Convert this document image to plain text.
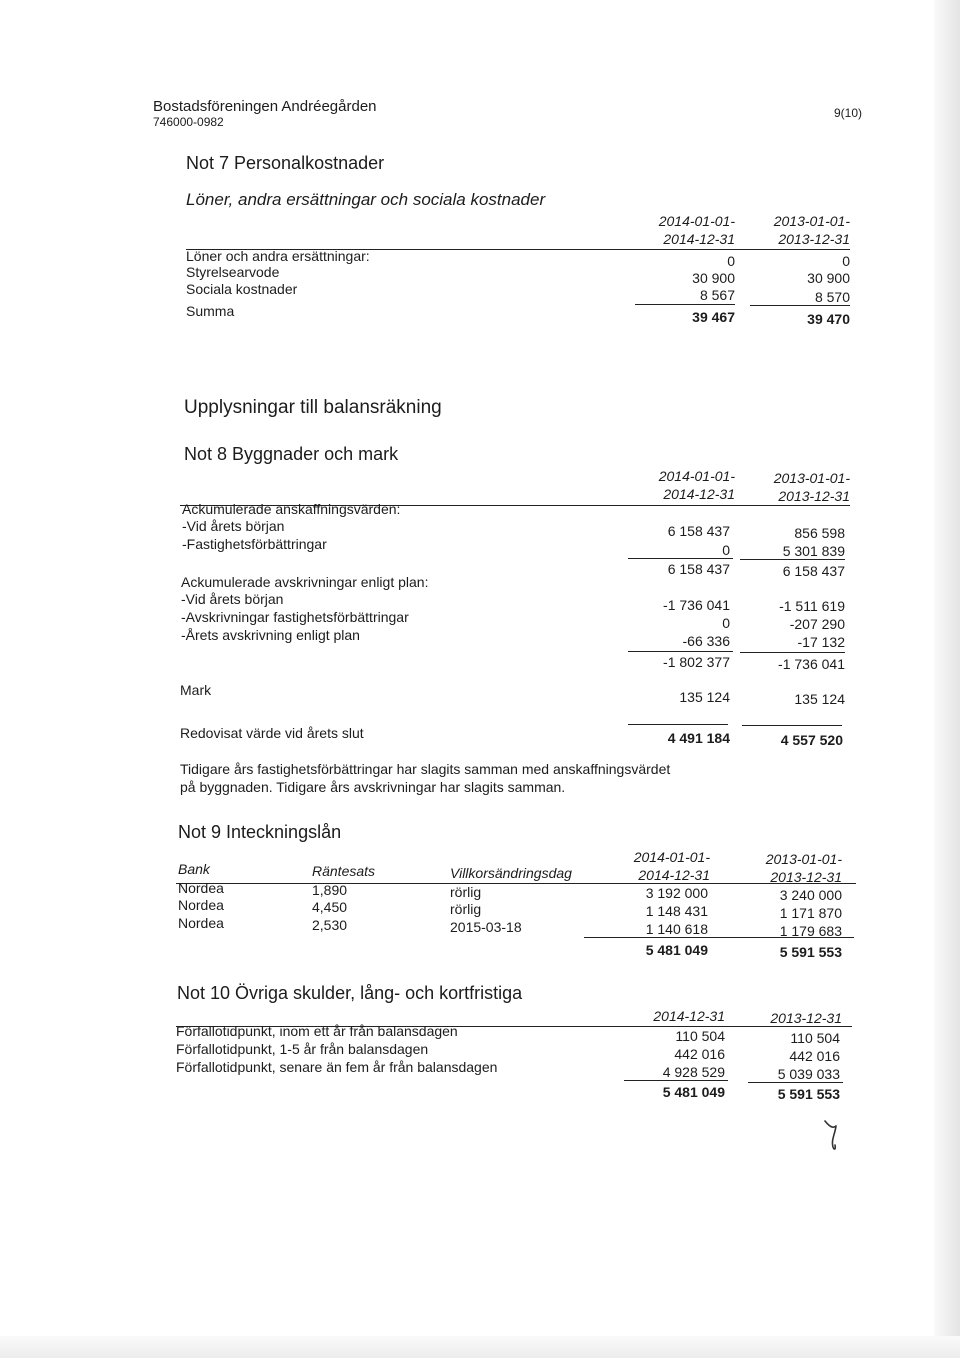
Bostadsföreningen Andréegården
746000-0982
9(10)
Not 7 Personalkostnader
Löner, andra ersättningar och sociala kostnader
2014-01-01-
2014-12-31
2013-01-01-
2013-12-31
Löner och andra ersättningar:	0	0
Styrelsearvode	30 900	30 900
Sociala kostnader	8 567	8 570
Summa	39 467	39 470
Upplysningar till balansräkning
Not 8 Byggnader och mark
2014-01-01-
2014-12-31
2013-01-01-
2013-12-31
Ackumulerade anskaffningsvärden:
-Vid årets början	6 158 437	856 598
-Fastighetsförbättringar	0	5 301 839
6 158 437	6 158 437
Ackumulerade avskrivningar enligt plan:
-Vid årets början	-1 736 041	-1 511 619
-Avskrivningar fastighetsförbättringar	0	-207 290
-Årets avskrivning enligt plan	-66 336	-17 132
-1 802 377	-1 736 041
Mark	135 124	135 124
Redovisat värde vid årets slut	4 491 184	4 557 520
Tidigare års fastighetsförbättringar har slagits samman med anskaffningsvärdet
på byggnaden. Tidigare års avskrivningar har slagits samman.
Not 9 Inteckningslån
2014-01-01-
2014-12-31
2013-01-01-
2013-12-31
Bank	Räntesats	Villkorsändringsdag
Nordea	1,890	rörlig	3 192 000	3 240 000
Nordea	4,450	rörlig	1 148 431	1 171 870
Nordea	2,530	2015-03-18	1 140 618	1 179 683
5 481 049	5 591 553
Not 10 Övriga skulder, lång- och kortfristiga
2014-12-31	2013-12-31
Förfallotidpunkt, inom ett år från balansdagen	110 504	110 504
Förfallotidpunkt, 1-5 år från balansdagen	442 016	442 016
Förfallotidpunkt, senare än fem år från balansdagen	4 928 529	5 039 033
5 481 049	5 591 553
